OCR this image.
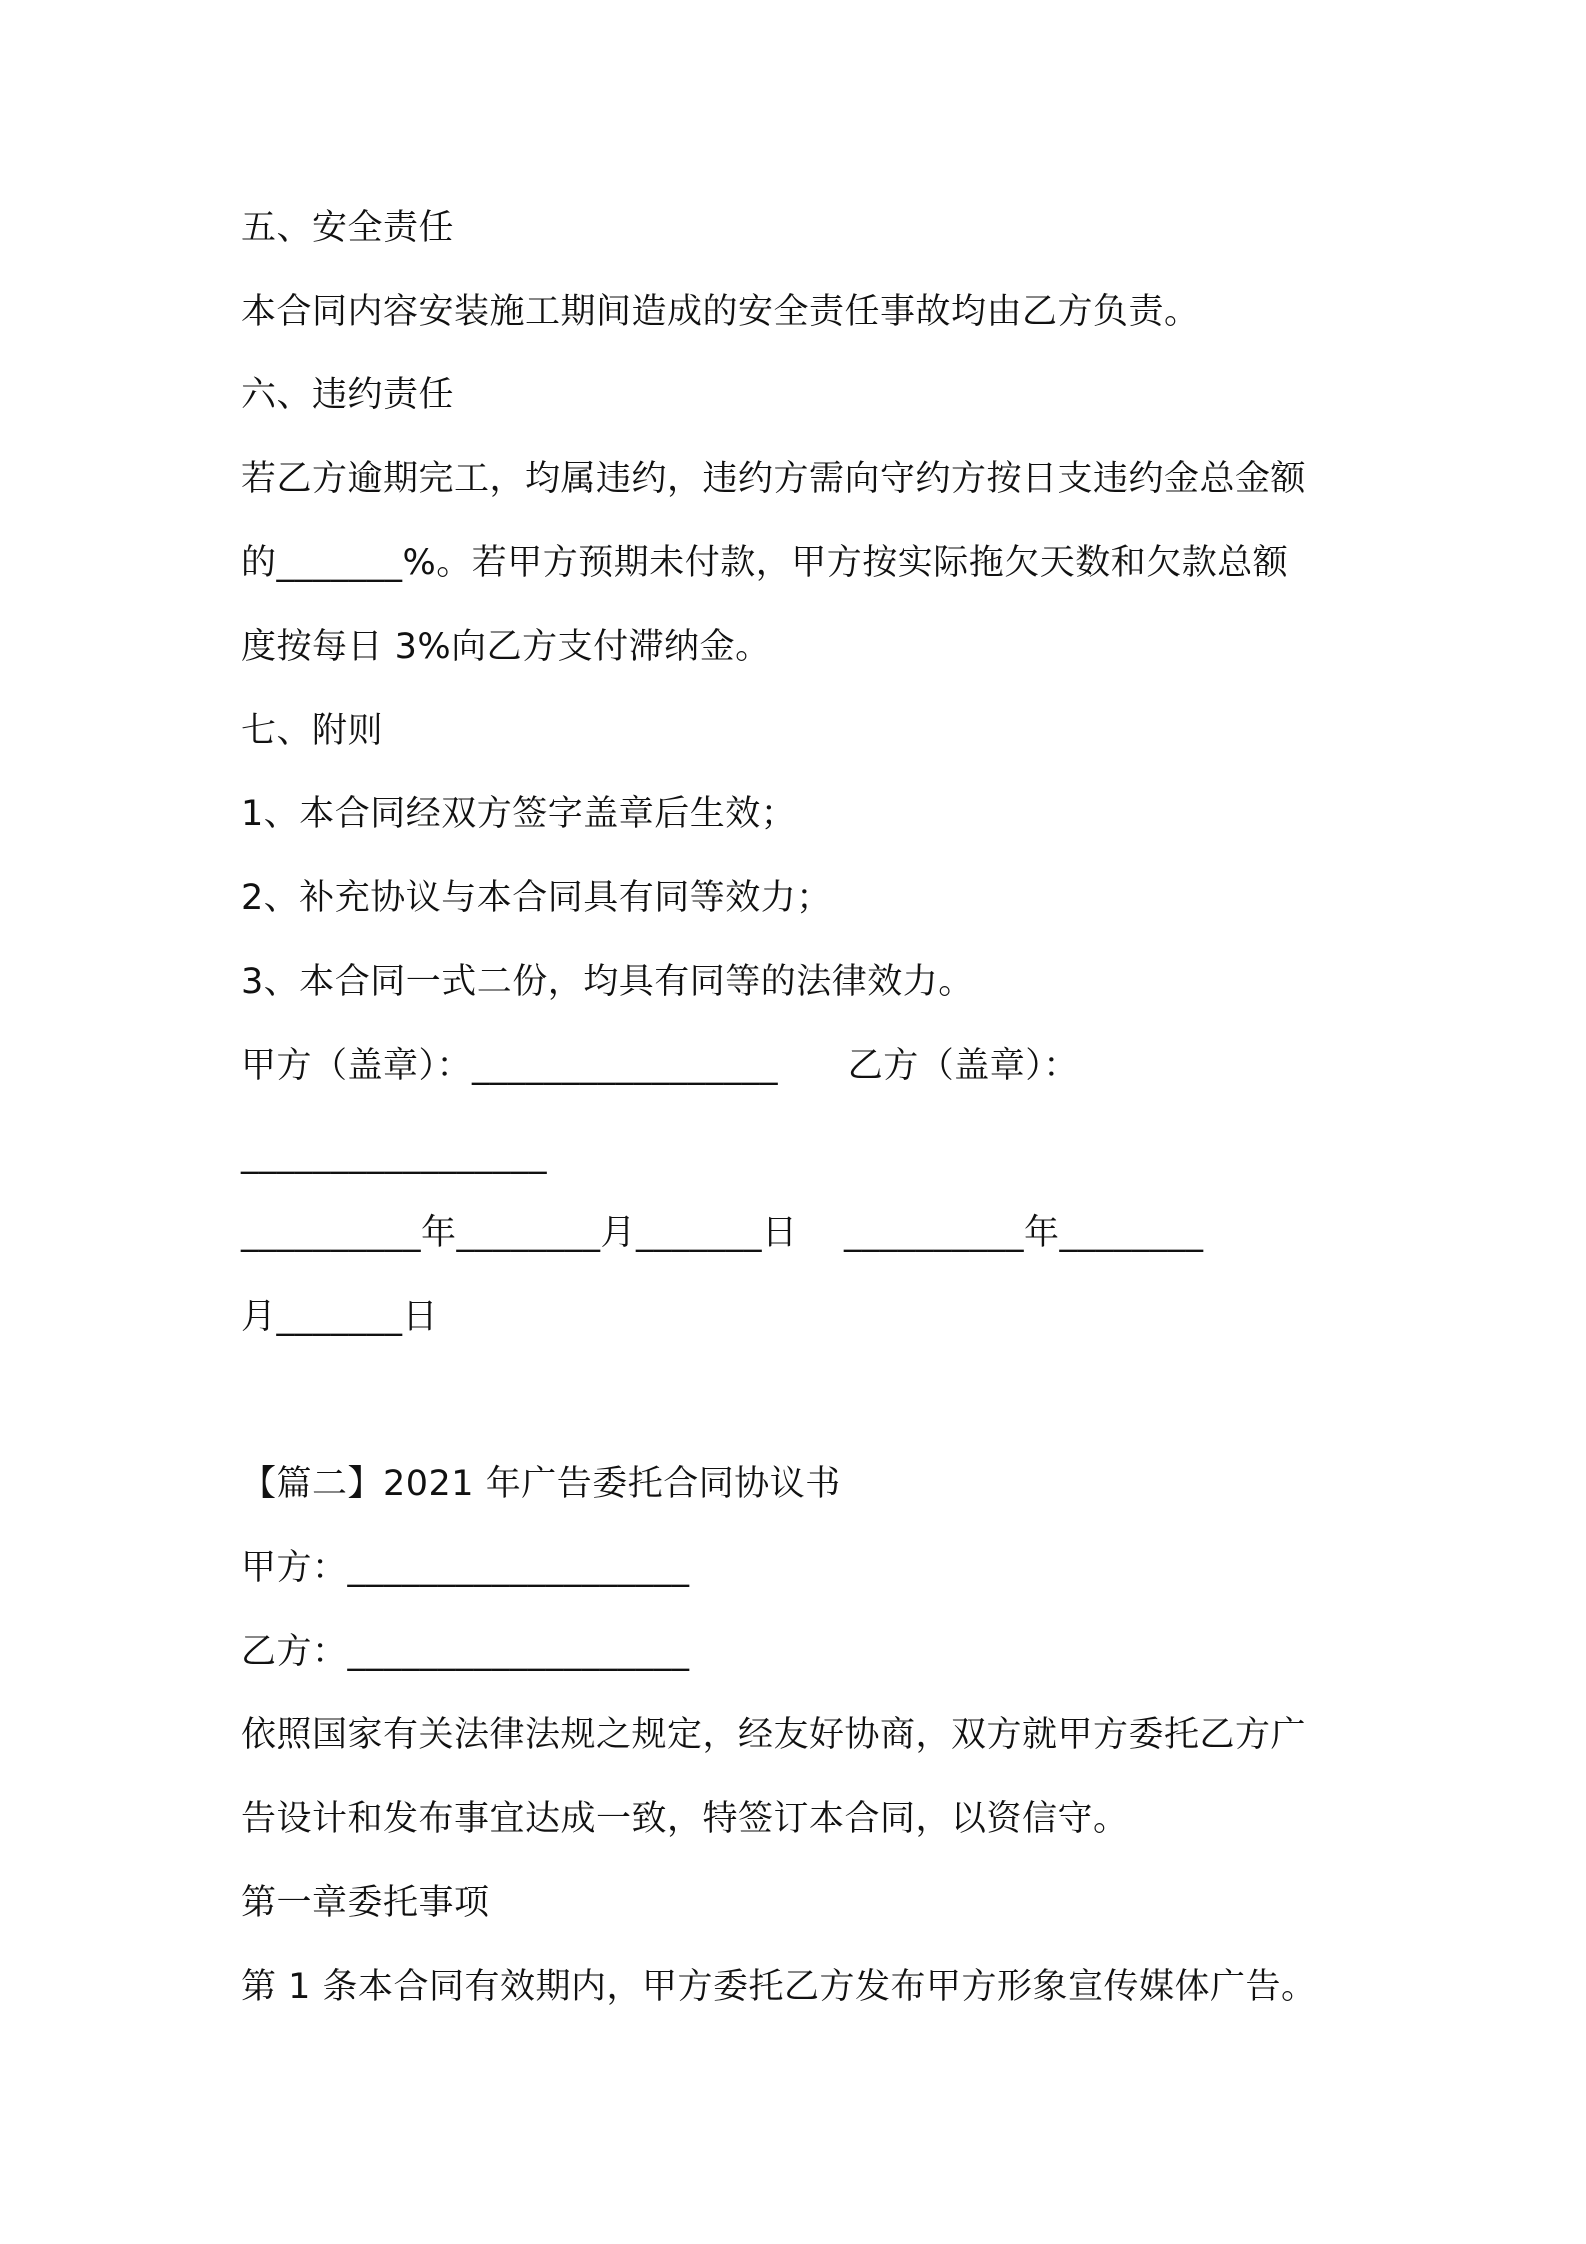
五、安全责任
本合同内容安装施工期间造成的安全责任事故均由乙方负责。
六、违约责任
若乙方逾期完工，均属违约，违约方需向守约方按日支违约金总金额
的_______%。若甲方预期未付款，甲方按实际拖欠天数和欠款总额
度按每日 3%向乙方支付滞纳金。
七、附则
1、本合同经双方签字盖章后生效；
2、补充协议与本合同具有同等效力；
3、本合同一式二份，均具有同等的法律效力。
甲方（盖章）：_________________      乙方（盖章）：
_________________
__________年________月_______日    __________年________
月_______日
【篇二】2021 年广告委托合同协议书
甲方：___________________
乙方：___________________
依照国家有关法律法规之规定，经友好协商，双方就甲方委托乙方广
告设计和发布事宜达成一致，特签订本合同，以资信守。
第一章委托事项
第 1 条本合同有效期内，甲方委托乙方发布甲方形象宣传媒体广告。
